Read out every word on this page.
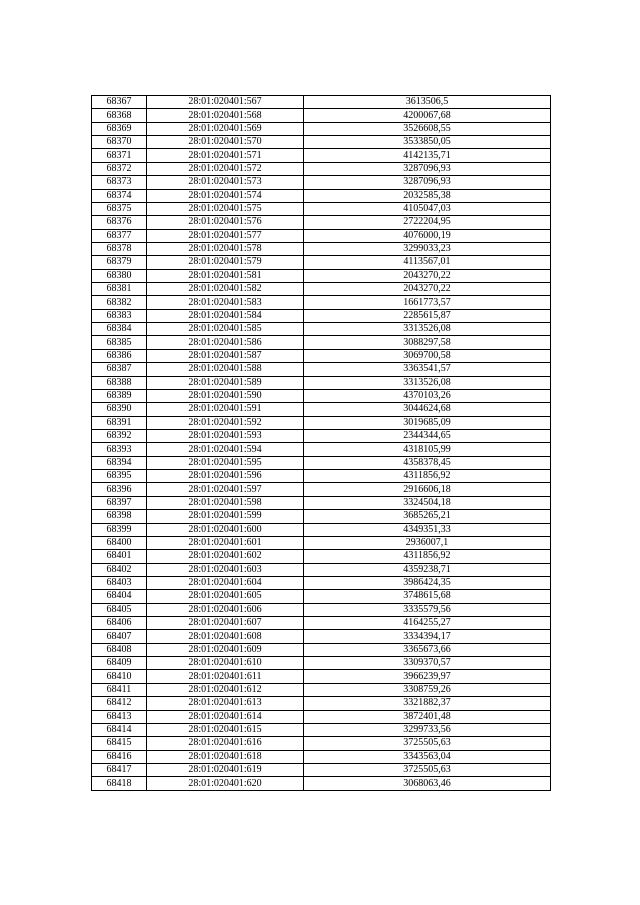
68367	28:01:020401:567	3613506,5
68368	28:01:020401:568	4200067,68
68369	28:01:020401:569	3526608,55
68370	28:01:020401:570	3533850,05
68371	28:01:020401:571	4142135,71
68372	28:01:020401:572	3287096,93
68373	28:01:020401:573	3287096,93
68374	28:01:020401:574	2032585,38
68375	28:01:020401:575	4105047,03
68376	28:01:020401:576	2722204,95
68377	28:01:020401:577	4076000,19
68378	28:01:020401:578	3299033,23
68379	28:01:020401:579	4113567,01
68380	28:01:020401:581	2043270,22
68381	28:01:020401:582	2043270,22
68382	28:01:020401:583	1661773,57
68383	28:01:020401:584	2285615,87
68384	28:01:020401:585	3313526,08
68385	28:01:020401:586	3088297,58
68386	28:01:020401:587	3069700,58
68387	28:01:020401:588	3363541,57
68388	28:01:020401:589	3313526,08
68389	28:01:020401:590	4370103,26
68390	28:01:020401:591	3044624,68
68391	28:01:020401:592	3019685,09
68392	28:01:020401:593	2344344,65
68393	28:01:020401:594	4318105,99
68394	28:01:020401:595	4358378,45
68395	28:01:020401:596	4311856,92
68396	28:01:020401:597	2916606,18
68397	28:01:020401:598	3324504,18
68398	28:01:020401:599	3685265,21
68399	28:01:020401:600	4349351,33
68400	28:01:020401:601	2936007,1
68401	28:01:020401:602	4311856,92
68402	28:01:020401:603	4359238,71
68403	28:01:020401:604	3986424,35
68404	28:01:020401:605	3748615,68
68405	28:01:020401:606	3335579,56
68406	28:01:020401:607	4164255,27
68407	28:01:020401:608	3334394,17
68408	28:01:020401:609	3365673,66
68409	28:01:020401:610	3309370,57
68410	28:01:020401:611	3966239,97
68411	28:01:020401:612	3308759,26
68412	28:01:020401:613	3321882,37
68413	28:01:020401:614	3872401,48
68414	28:01:020401:615	3299733,56
68415	28:01:020401:616	3725505,63
68416	28:01:020401:618	3343563,04
68417	28:01:020401:619	3725505,63
68418	28:01:020401:620	3068063,46
